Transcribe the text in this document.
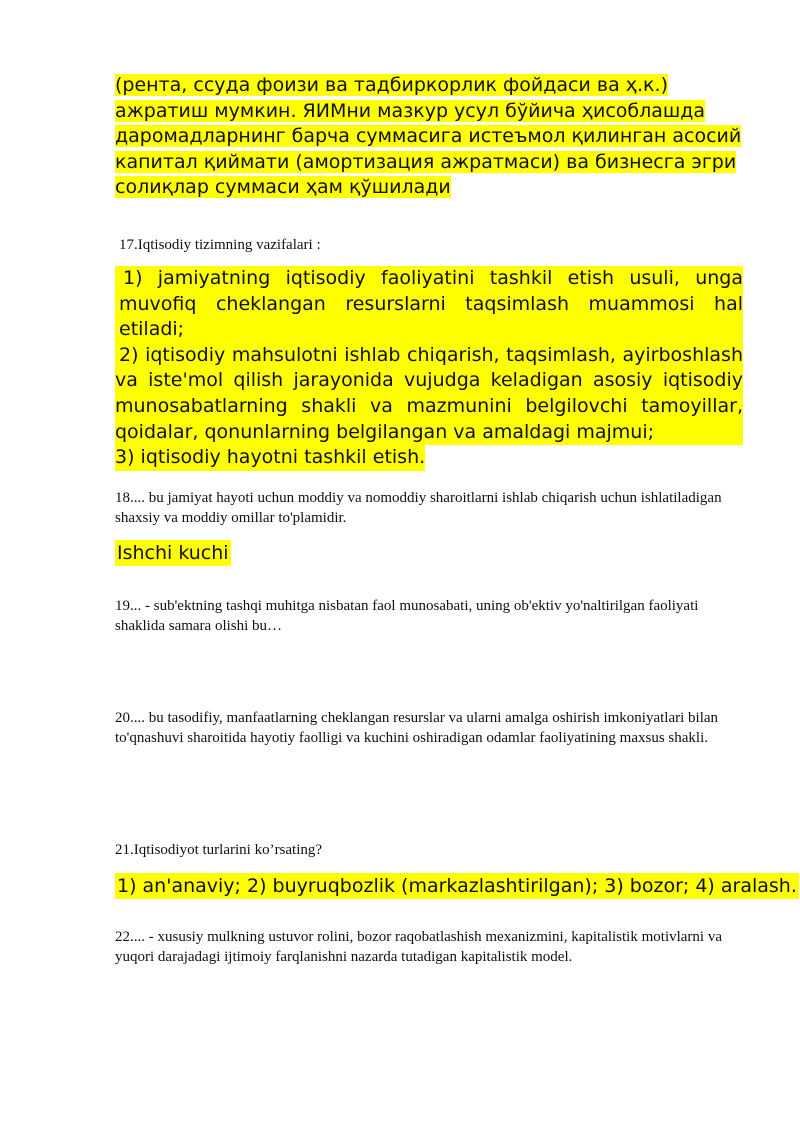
(рента, ссуда фоизи ва тадбиркорлик фойдаси ва ҳ.к.) ажратиш мумкин. ЯИМни мазкур усул бўйича ҳисоблашда даромадларнинг барча суммасига истеъмол қилинган асосий капитал қиймати (амортизация ажратмаси) ва бизнесга эгри солиқлар суммаси ҳам қўшилади

17.Iqtisodiy tizimning vazifalari :

1) jamiyatning iqtisodiy faoliyatini tashkil etish usuli, unga muvofiq cheklangan resurslarni taqsimlash muammosi hal etiladi;
2) iqtisodiy mahsulotni ishlab chiqarish, taqsimlash, ayirboshlash va iste'mol qilish jarayonida vujudga keladigan asosiy iqtisodiy munosabatlarning shakli va mazmunini belgilovchi tamoyillar, qoidalar, qonunlarning belgilangan va amaldagi majmui;
3) iqtisodiy hayotni tashkil etish.

18.... bu jamiyat hayoti uchun moddiy va nomoddiy sharoitlarni ishlab chiqarish uchun ishlatiladigan shaxsiy va moddiy omillar to'plamidir.

Ishchi kuchi

19... - sub'ektning tashqi muhitga nisbatan faol munosabati, uning ob'ektiv yo'naltirilgan faoliyati shaklida samara olishi bu…

20.... bu tasodifiy, manfaatlarning cheklangan resurslar va ularni amalga oshirish imkoniyatlari bilan to'qnashuvi sharoitida hayotiy faolligi va kuchini oshiradigan odamlar faoliyatining maxsus shakli.

21.Iqtisodiyot turlarini ko’rsating?

1) an'anaviy; 2) buyruqbozlik (markazlashtirilgan); 3) bozor; 4) aralash.

22.... - xususiy mulkning ustuvor rolini, bozor raqobatlashish mexanizmini, kapitalistik motivlarni va yuqori darajadagi ijtimoiy farqlanishni nazarda tutadigan kapitalistik model.
